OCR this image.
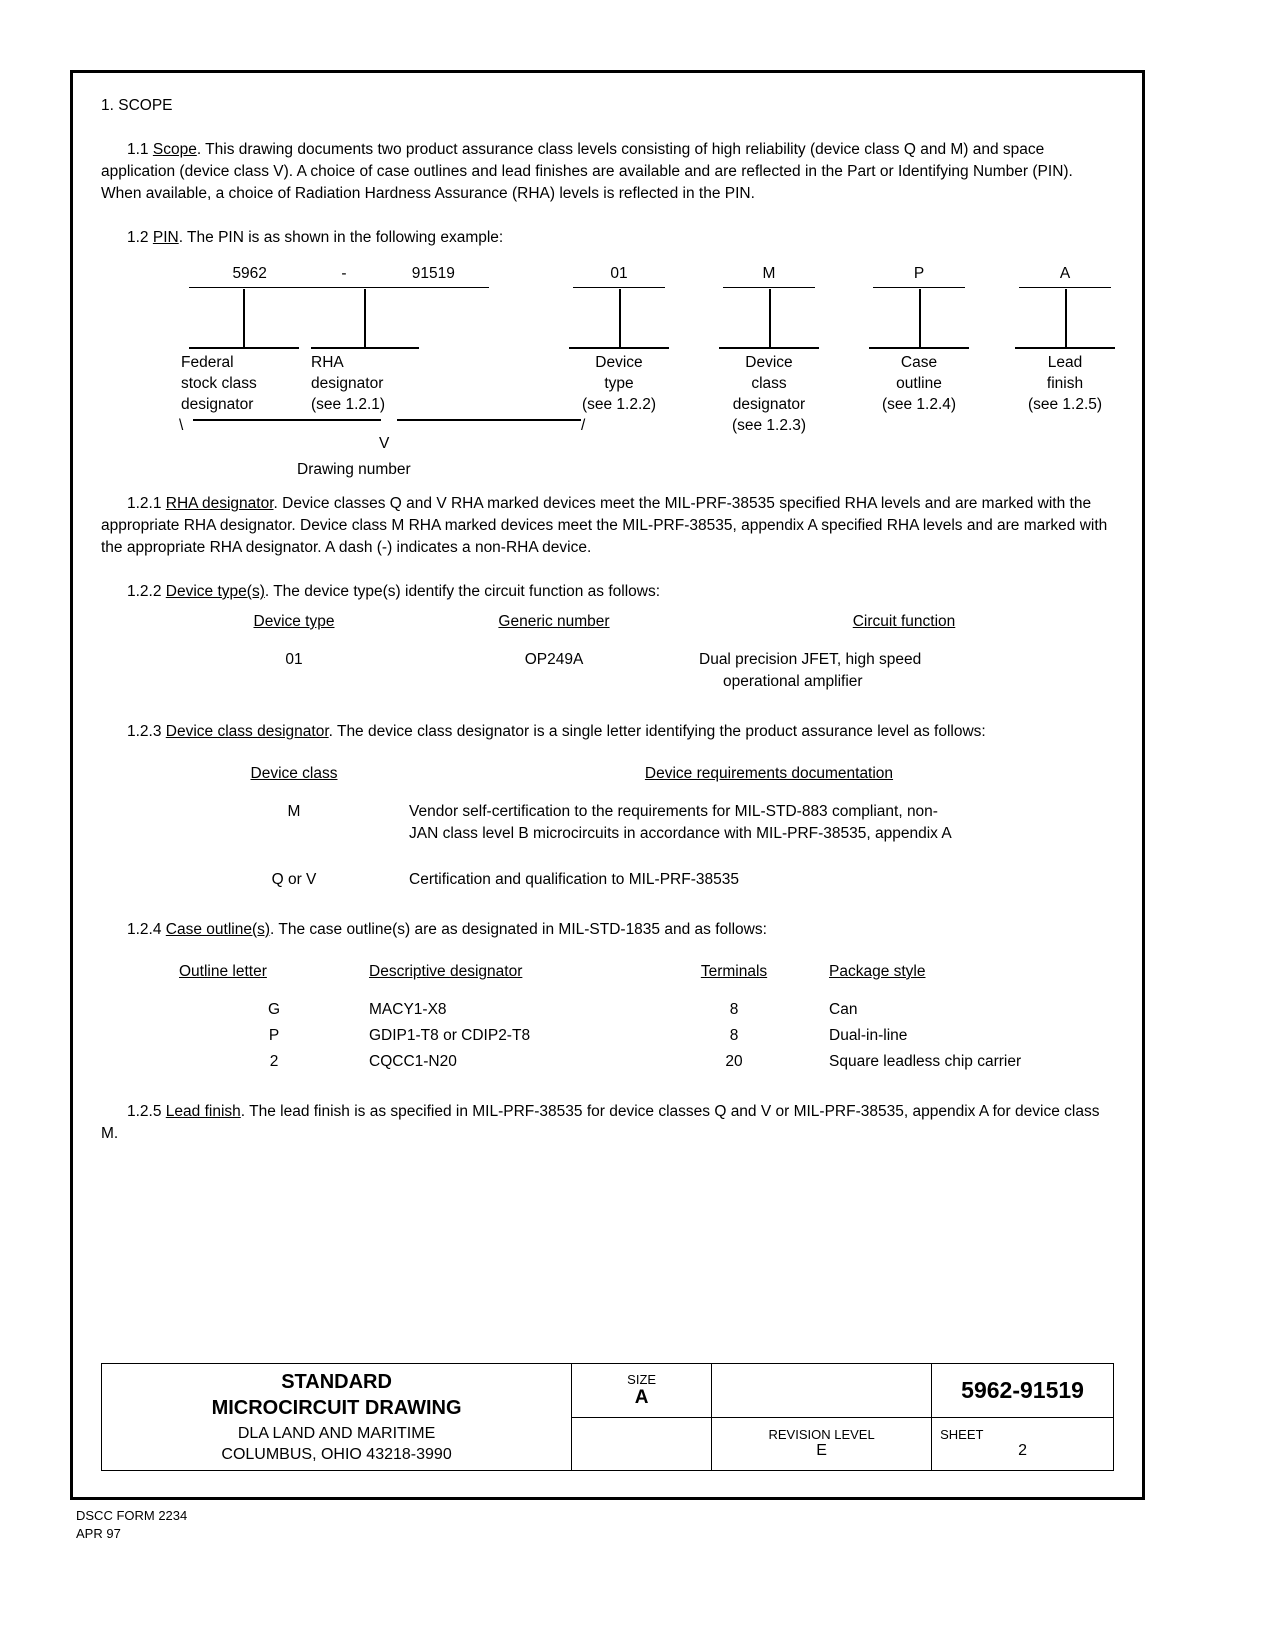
1. SCOPE
1.1 Scope. This drawing documents two product assurance class levels consisting of high reliability (device class Q and M) and space application (device class V). A choice of case outlines and lead finishes are available and are reflected in the Part or Identifying Number (PIN). When available, a choice of Radiation Hardness Assurance (RHA) levels is reflected in the PIN.
1.2 PIN. The PIN is as shown in the following example:
5962	-	91519	01	M	P	A
Federal
stock class
designator
RHA
designator
(see 1.2.1)
Device
type
(see 1.2.2)
Device
class
designator
(see 1.2.3)
Case
outline
(see 1.2.4)
Lead
finish
(see 1.2.5)
\	/
V
Drawing number
1.2.1 RHA designator. Device classes Q and V RHA marked devices meet the MIL-PRF-38535 specified RHA levels and are marked with the appropriate RHA designator. Device class M RHA marked devices meet the MIL-PRF-38535, appendix A specified RHA levels and are marked with the appropriate RHA designator. A dash (-) indicates a non-RHA device.
1.2.2 Device type(s). The device type(s) identify the circuit function as follows:
Device type	Generic number	Circuit function
01	OP249A	Dual precision JFET, high speed
operational amplifier
1.2.3 Device class designator. The device class designator is a single letter identifying the product assurance level as follows:
Device class	Device requirements documentation
M	Vendor self-certification to the requirements for MIL-STD-883 compliant, non-
JAN class level B microcircuits in accordance with MIL-PRF-38535, appendix A

Q or V	Certification and qualification to MIL-PRF-38535
1.2.4 Case outline(s). The case outline(s) are as designated in MIL-STD-1835 and as follows:
Outline letter	Descriptive designator	Terminals	Package style
G	MACY1-X8	8	Can
P	GDIP1-T8 or CDIP2-T8	8	Dual-in-line
2	CQCC1-N20	20	Square leadless chip carrier
1.2.5 Lead finish. The lead finish is as specified in MIL-PRF-38535 for device classes Q and V or MIL-PRF-38535, appendix A for device class M.
STANDARD
MICROCIRCUIT DRAWING
DLA LAND AND MARITIME
COLUMBUS, OHIO 43218-3990
SIZE
A	5962-91519
REVISION LEVEL
E
SHEET
2
DSCC FORM 2234
APR 97
